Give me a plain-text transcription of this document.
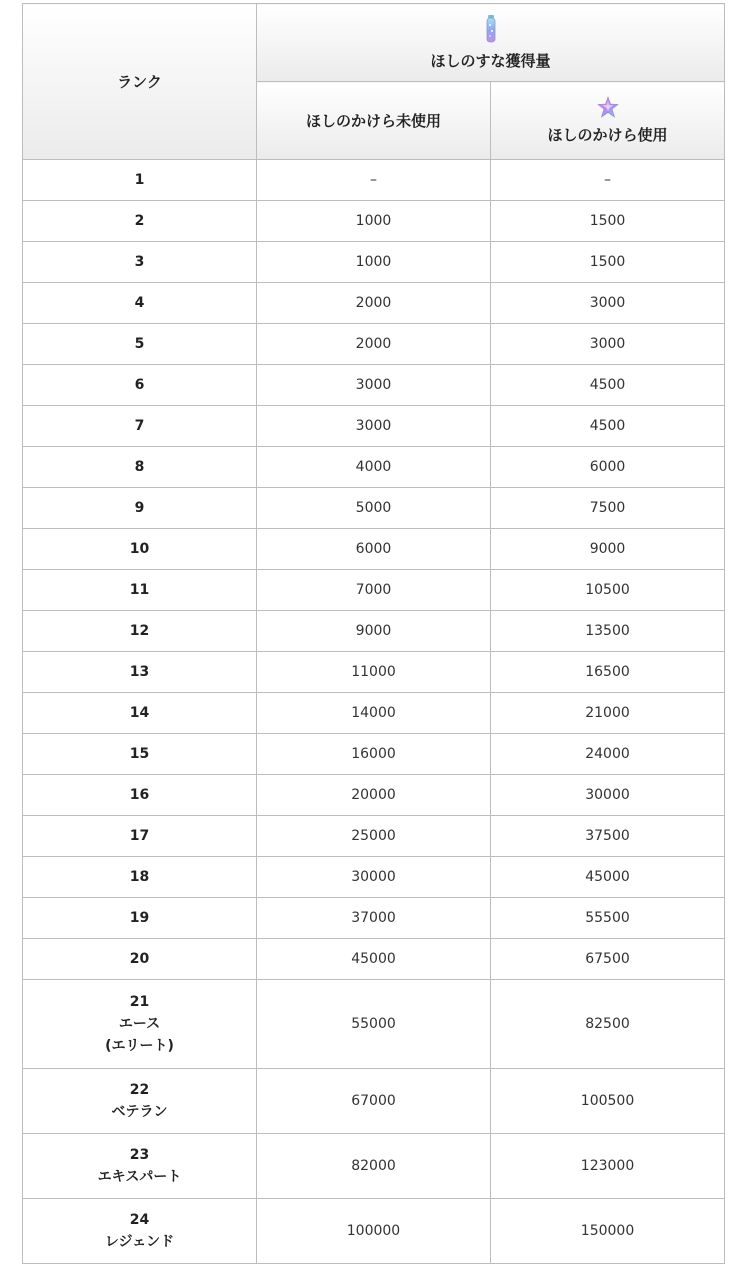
ランク	ほしのすな獲得量	

	ほしのかけら未使用	ほしのかけら使用

1	–	–

2	1000	1500

3	1000	1500

4	2000	3000

5	2000	3000

6	3000	4500

7	3000	4500

8	4000	6000

9	5000	7500

10	6000	9000

11	7000	10500

12	9000	13500

13	11000	16500

14	14000	21000

15	16000	24000

16	20000	30000

17	25000	37500

18	30000	45000

19	37000	55500

20	45000	67500

21
エース
(エリート)	55000	82500

22
ベテラン	67000	100500

23
エキスパート	82000	123000

24
レジェンド	100000	150000
